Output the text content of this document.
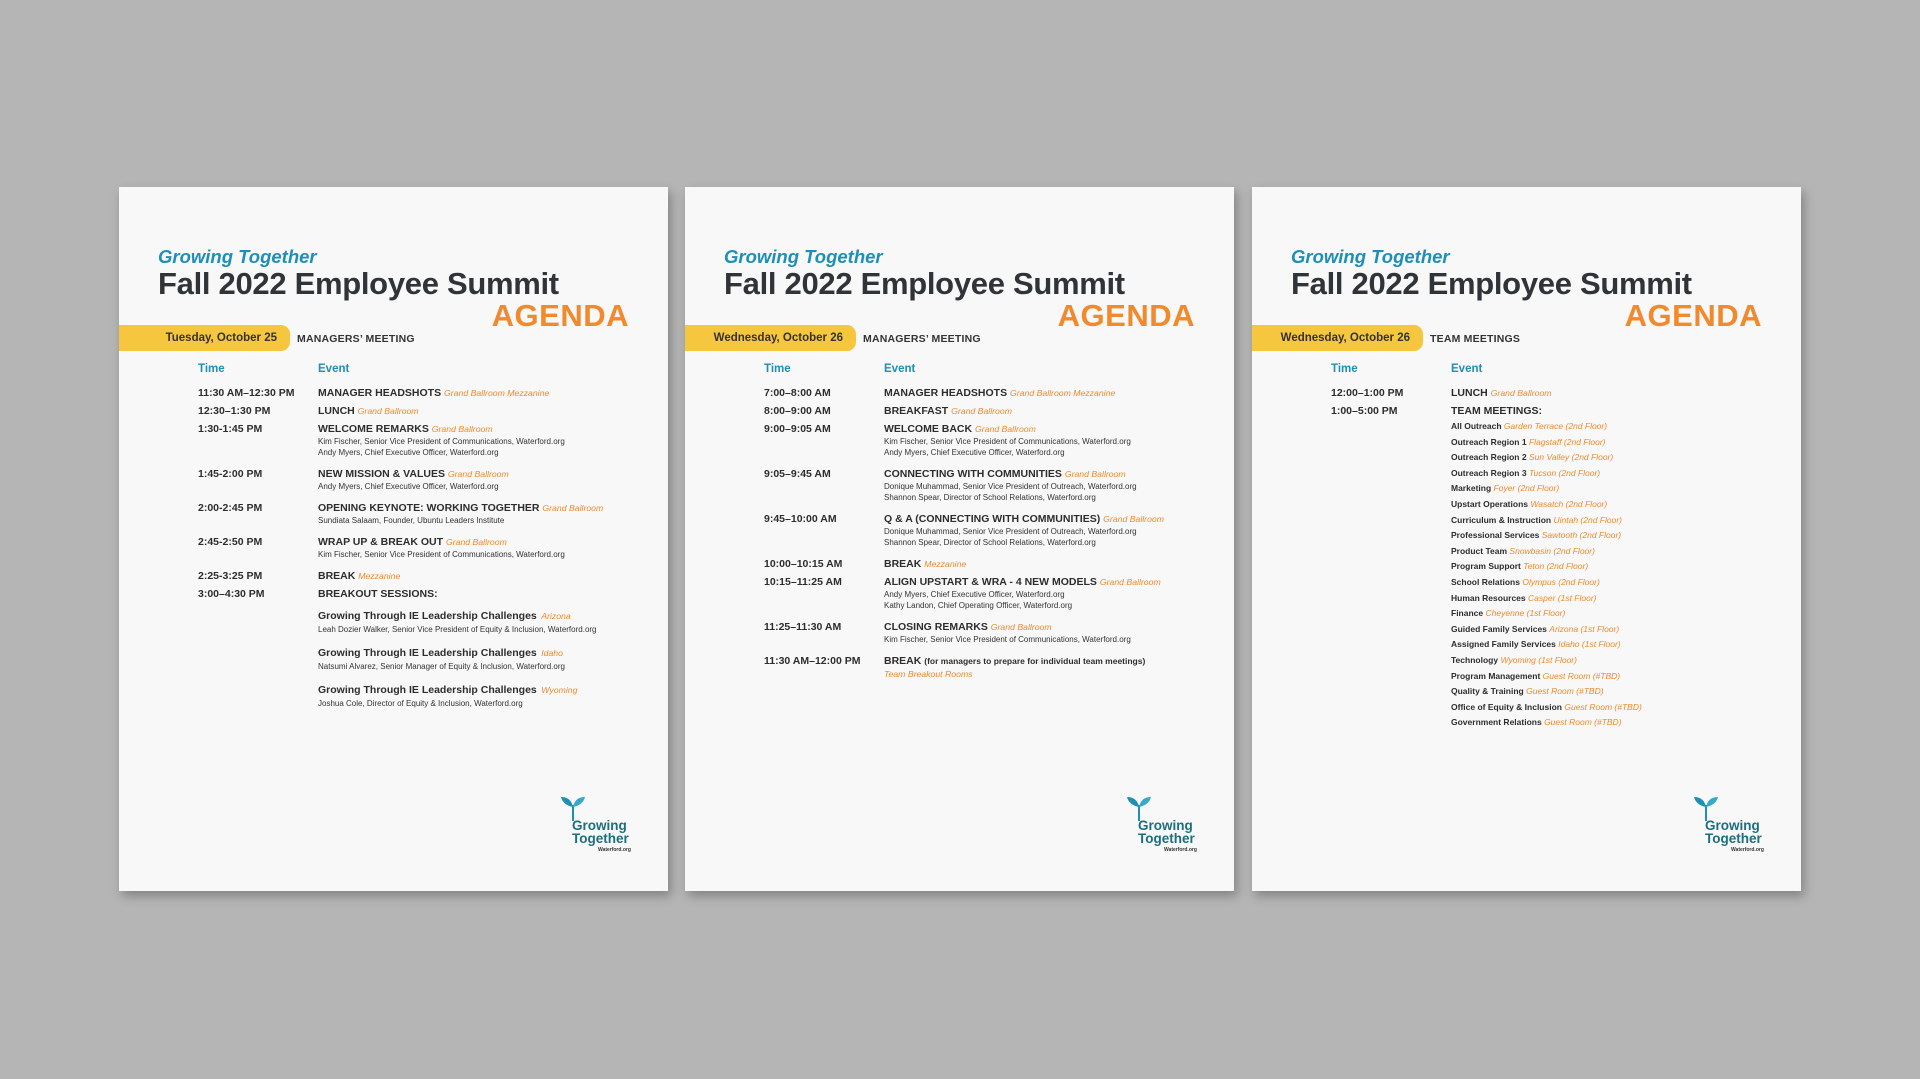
Growing
Together
Waterford.org
Growing Together
Fall 2022 Employee Summit
AGENDA
Tuesday, October 25	MANAGERS’ MEETING
Time	Event
11:30 AM–12:30 PM	MANAGER HEADSHOTS Grand Ballroom Mezzanine
12:30–1:30 PM	LUNCH Grand Ballroom
1:30-1:45 PM	WELCOME REMARKS Grand Ballroom
Kim Fischer, Senior Vice President of Communications, Waterford.org
Andy Myers, Chief Executive Officer, Waterford.org
1:45-2:00 PM	NEW MISSION & VALUES Grand Ballroom
Andy Myers, Chief Executive Officer, Waterford.org
2:00-2:45 PM	OPENING KEYNOTE: WORKING TOGETHER Grand Ballroom
Sundiata Salaam, Founder, Ubuntu Leaders Institute
2:45-2:50 PM	WRAP UP & BREAK OUT Grand Ballroom
Kim Fischer, Senior Vice President of Communications, Waterford.org
2:25-3:25 PM	BREAK Mezzanine
3:00–4:30 PM	BREAKOUT SESSIONS:
Growing Through IE Leadership Challenges Arizona
Leah Dozier Walker, Senior Vice President of Equity & Inclusion, Waterford.org
Growing Through IE Leadership Challenges Idaho
Natsumi Alvarez, Senior Manager of Equity & Inclusion, Waterford.org
Growing Through IE Leadership Challenges Wyoming
Joshua Cole, Director of Equity & Inclusion, Waterford.org
Growing
Together
Waterford.org
Growing Together
Fall 2022 Employee Summit
AGENDA
Wednesday, October 26	MANAGERS’ MEETING
Time	Event
7:00–8:00 AM	MANAGER HEADSHOTS Grand Ballroom Mezzanine
8:00–9:00 AM	BREAKFAST Grand Ballroom
9:00–9:05 AM	WELCOME BACK Grand Ballroom
Kim Fischer, Senior Vice President of Communications, Waterford.org
Andy Myers, Chief Executive Officer, Waterford.org
9:05–9:45 AM	CONNECTING WITH COMMUNITIES Grand Ballroom
Donique Muhammad, Senior Vice President of Outreach, Waterford.org
Shannon Spear, Director of School Relations, Waterford.org
9:45–10:00 AM	Q & A (CONNECTING WITH COMMUNITIES) Grand Ballroom
Donique Muhammad, Senior Vice President of Outreach, Waterford.org
Shannon Spear, Director of School Relations, Waterford.org
10:00–10:15 AM	BREAK Mezzanine
10:15–11:25 AM	ALIGN UPSTART & WRA - 4 NEW MODELS Grand Ballroom
Andy Myers, Chief Executive Officer, Waterford.org
Kathy Landon, Chief Operating Officer, Waterford.org
11:25–11:30 AM	CLOSING REMARKS Grand Ballroom
Kim Fischer, Senior Vice President of Communications, Waterford.org
11:30 AM–12:00 PM	BREAK (for managers to prepare for individual team meetings)
Team Breakout Rooms
Growing
Together
Waterford.org
Growing Together
Fall 2022 Employee Summit
AGENDA
Wednesday, October 26	TEAM MEETINGS
Time	Event
12:00–1:00 PM	LUNCH Grand Ballroom
1:00–5:00 PM	TEAM MEETINGS:
All Outreach Garden Terrace (2nd Floor)
Outreach Region 1 Flagstaff (2nd Floor)
Outreach Region 2 Sun Valley (2nd Floor)
Outreach Region 3 Tucson (2nd Floor)
Marketing Foyer (2nd Floor)
Upstart Operations Wasatch (2nd Floor)
Curriculum & Instruction Uintah (2nd Floor)
Professional Services Sawtooth (2nd Floor)
Product Team Snowbasin (2nd Floor)
Program Support Teton (2nd Floor)
School Relations Olympus (2nd Floor)
Human Resources Casper (1st Floor)
Finance Cheyenne (1st Floor)
Guided Family Services Arizona (1st Floor)
Assigned Family Services Idaho (1st Floor)
Technology Wyoming (1st Floor)
Program Management Guest Room (#TBD)
Quality & Training Guest Room (#TBD)
Office of Equity & Inclusion Guest Room (#TBD)
Government Relations Guest Room (#TBD)
